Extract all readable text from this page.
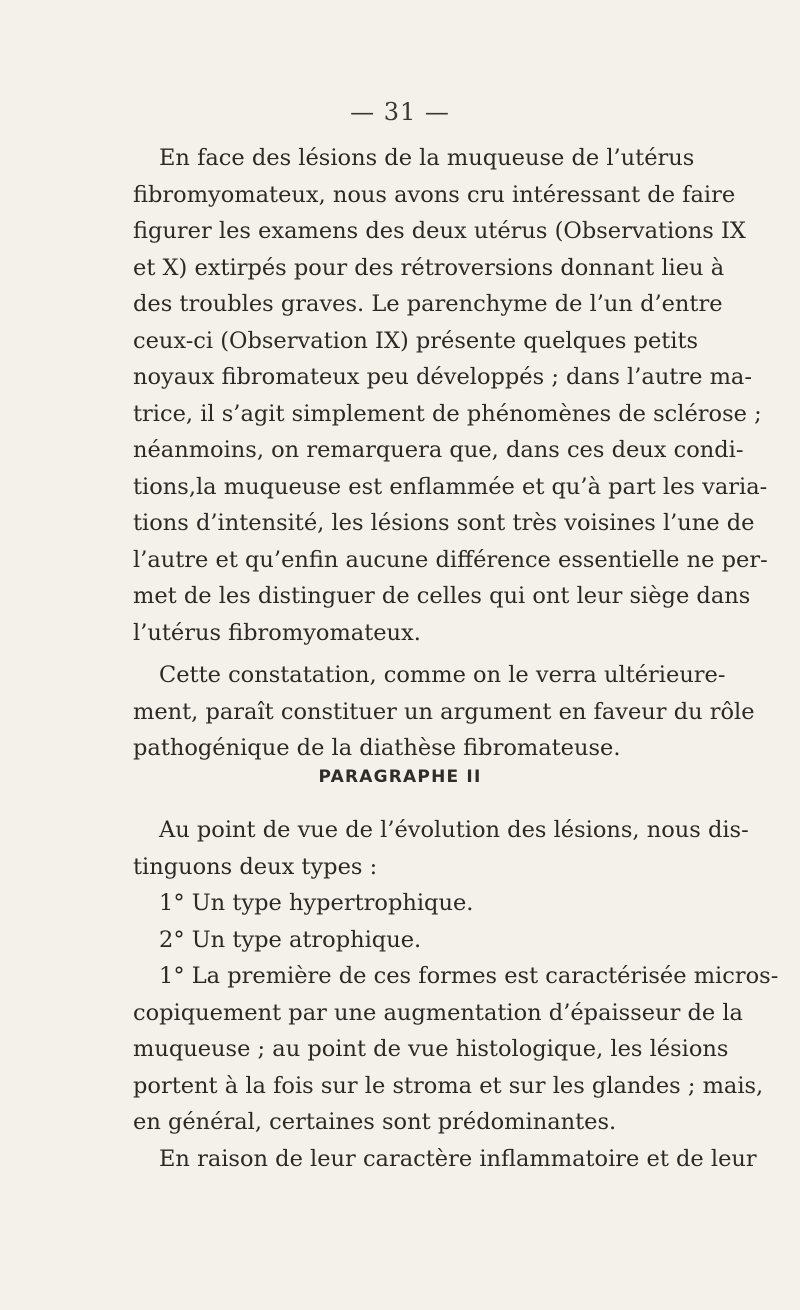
— 31 —
En face des lésions de la muqueuse de l’utérus
fibromyomateux, nous avons cru intéressant de faire
figurer les examens des deux utérus (Observations IX
et X) extirpés pour des rétroversions donnant lieu à
des troubles graves. Le parenchyme de l’un d’entre
ceux-ci (Observation IX) présente quelques petits
noyaux fibromateux peu développés ; dans l’autre ma-
trice, il s’agit simplement de phénomènes de sclérose ;
néanmoins, on remarquera que, dans ces deux condi-
tions,la muqueuse est enflammée et qu’à part les varia-
tions d’intensité, les lésions sont très voisines l’une de
l’autre et qu’enfin aucune différence essentielle ne per-
met de les distinguer de celles qui ont leur siège dans
l’utérus fibromyomateux.
Cette constatation, comme on le verra ultérieure-
ment, paraît constituer un argument en faveur du rôle
pathogénique de la diathèse fibromateuse.
PARAGRAPHE II
Au point de vue de l’évolution des lésions, nous dis-
tinguons deux types :
1° Un type hypertrophique.
2° Un type atrophique.
1° La première de ces formes est caractérisée micros-
copiquement par une augmentation d’épaisseur de la
muqueuse ; au point de vue histologique, les lésions
portent à la fois sur le stroma et sur les glandes ; mais,
en général, certaines sont prédominantes.
En raison de leur caractère inflammatoire et de leur
